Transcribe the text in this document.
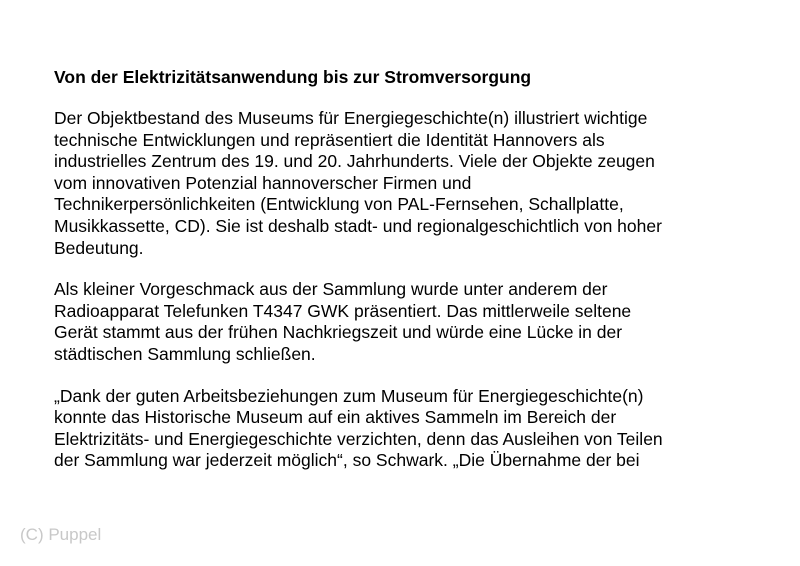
Von der Elektrizitätsanwendung bis zur Stromversorgung
Der Objektbestand des Museums für Energiegeschichte(n) illustriert wichtige
technische Entwicklungen und repräsentiert die Identität Hannovers als
industrielles Zentrum des 19. und 20. Jahrhunderts. Viele der Objekte zeugen
vom innovativen Potenzial hannoverscher Firmen und
Technikerpersönlichkeiten (Entwicklung von PAL-Fernsehen, Schallplatte,
Musikkassette, CD). Sie ist deshalb stadt- und regionalgeschichtlich von hoher
Bedeutung.
Als kleiner Vorgeschmack aus der Sammlung wurde unter anderem der
Radioapparat Telefunken T4347 GWK präsentiert. Das mittlerweile seltene
Gerät stammt aus der frühen Nachkriegszeit und würde eine Lücke in der
städtischen Sammlung schließen.
„Dank der guten Arbeitsbeziehungen zum Museum für Energiegeschichte(n)
konnte das Historische Museum auf ein aktives Sammeln im Bereich der
Elektrizitäts- und Energiegeschichte verzichten, denn das Ausleihen von Teilen
der Sammlung war jederzeit möglich“, so Schwark. „Die Übernahme der bei
(C) Puppel
